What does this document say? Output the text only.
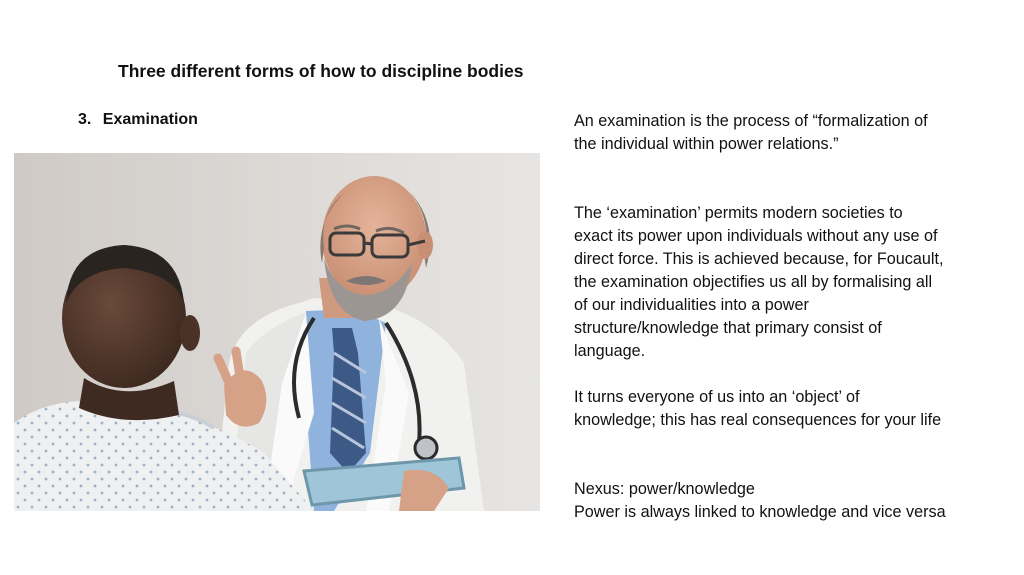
Three different forms of how to discipline bodies
3. Examination	An examination is the process of “formalization of
the individual within power relations.”

The ‘examination’ permits modern societies to
exact its power upon individuals without any use of
direct force. This is achieved because, for Foucault,
the examination objectifies us all by formalising all
of our individualities into a power
structure/knowledge that primary consist of
language.

It turns everyone of us into an ‘object’ of
knowledge; this has real consequences for your life

Nexus: power/knowledge

Power is always linked to knowledge and vice versa
